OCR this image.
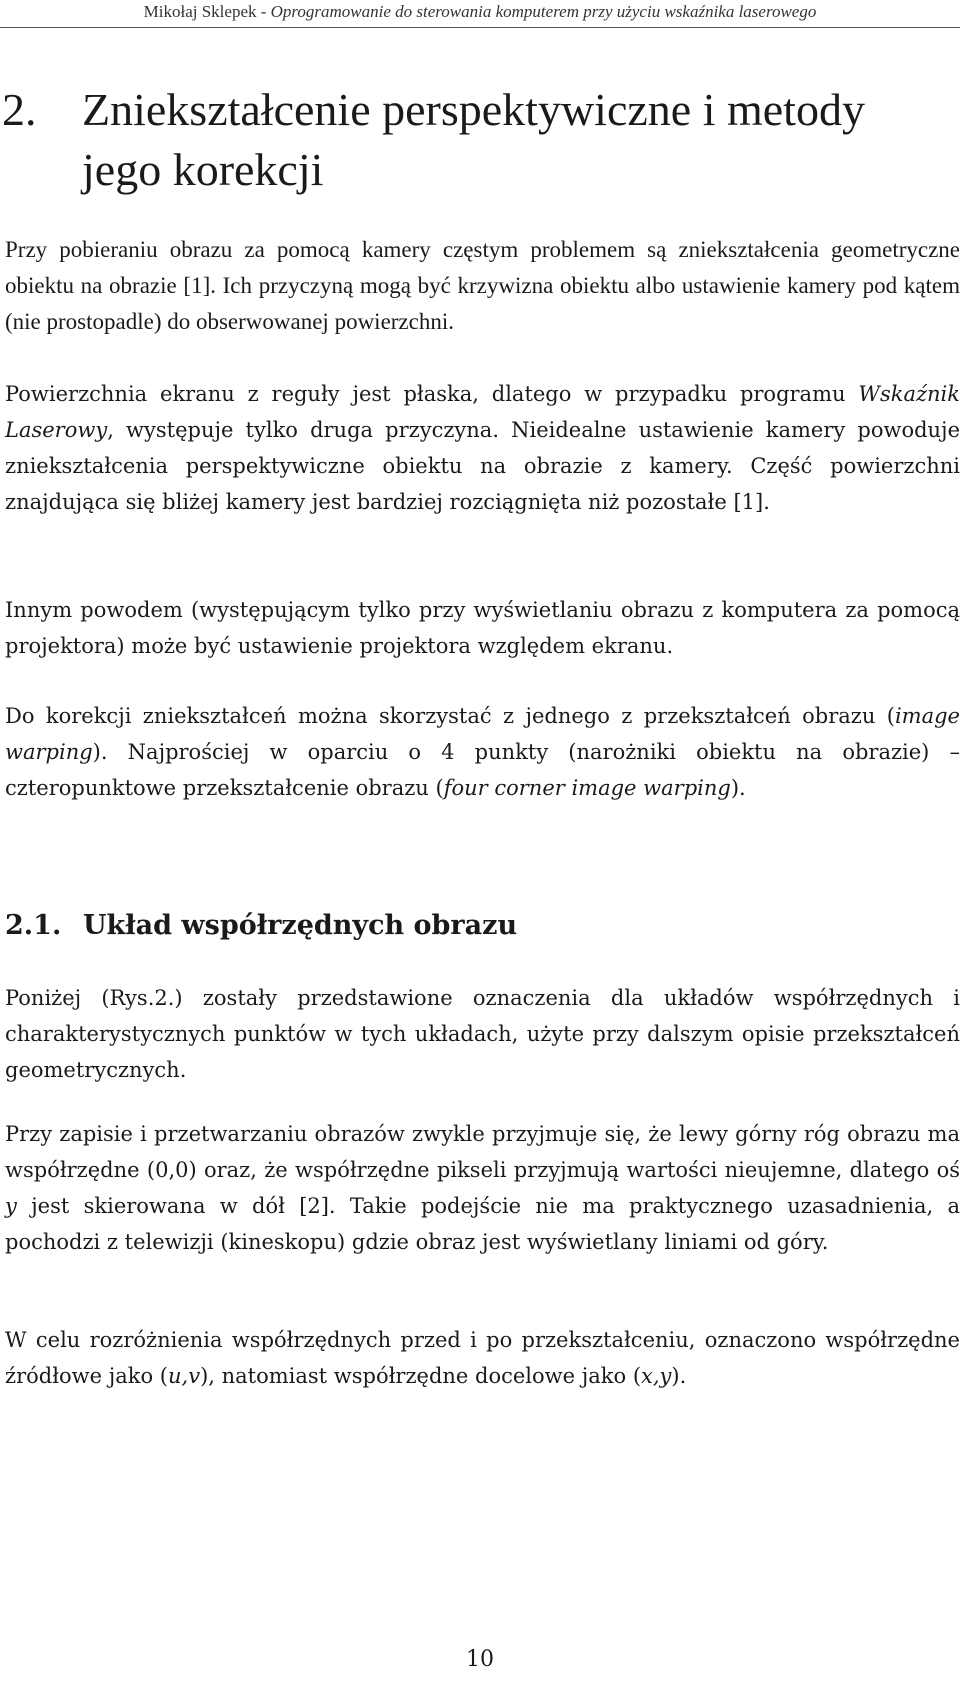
Mikołaj Sklepek - Oprogramowanie do sterowania komputerem przy użyciu wskaźnika laserowego
2. Zniekształcenie perspektywiczne i metody jego korekcji

Przy pobieraniu obrazu za pomocą kamery częstym problemem są zniekształcenia geometryczne obiektu na obrazie [1]. Ich przyczyną mogą być krzywizna obiektu albo ustawienie kamery pod kątem (nie prostopadle) do obserwowanej powierzchni.

Powierzchnia ekranu z reguły jest płaska, dlatego w przypadku programu Wskaźnik Laserowy, występuje tylko druga przyczyna. Nieidealne ustawienie kamery powoduje zniekształcenia perspektywiczne obiektu na obrazie z kamery. Część powierzchni znajdująca się bliżej kamery jest bardziej rozciągnięta niż pozostałe [1].

Innym powodem (występującym tylko przy wyświetlaniu obrazu z komputera za pomocą projektora) może być ustawienie projektora względem ekranu.

Do korekcji zniekształceń można skorzystać z jednego z przekształceń obrazu (image warping). Najprościej w oparciu o 4 punkty (narożniki obiektu na obrazie) – czteropunktowe przekształcenie obrazu (four corner image warping).

2.1. Układ współrzędnych obrazu

Poniżej (Rys.2.) zostały przedstawione oznaczenia dla układów współrzędnych i charakterystycznych punktów w tych układach, użyte przy dalszym opisie przekształceń geometrycznych.

Przy zapisie i przetwarzaniu obrazów zwykle przyjmuje się, że lewy górny róg obrazu ma współrzędne (0,0) oraz, że współrzędne pikseli przyjmują wartości nieujemne, dlatego oś y jest skierowana w dół [2]. Takie podejście nie ma praktycznego uzasadnienia, a pochodzi z telewizji (kineskopu) gdzie obraz jest wyświetlany liniami od góry.

W celu rozróżnienia współrzędnych przed i po przekształceniu, oznaczono współrzędne źródłowe jako (u,v), natomiast współrzędne docelowe jako (x,y).

10
